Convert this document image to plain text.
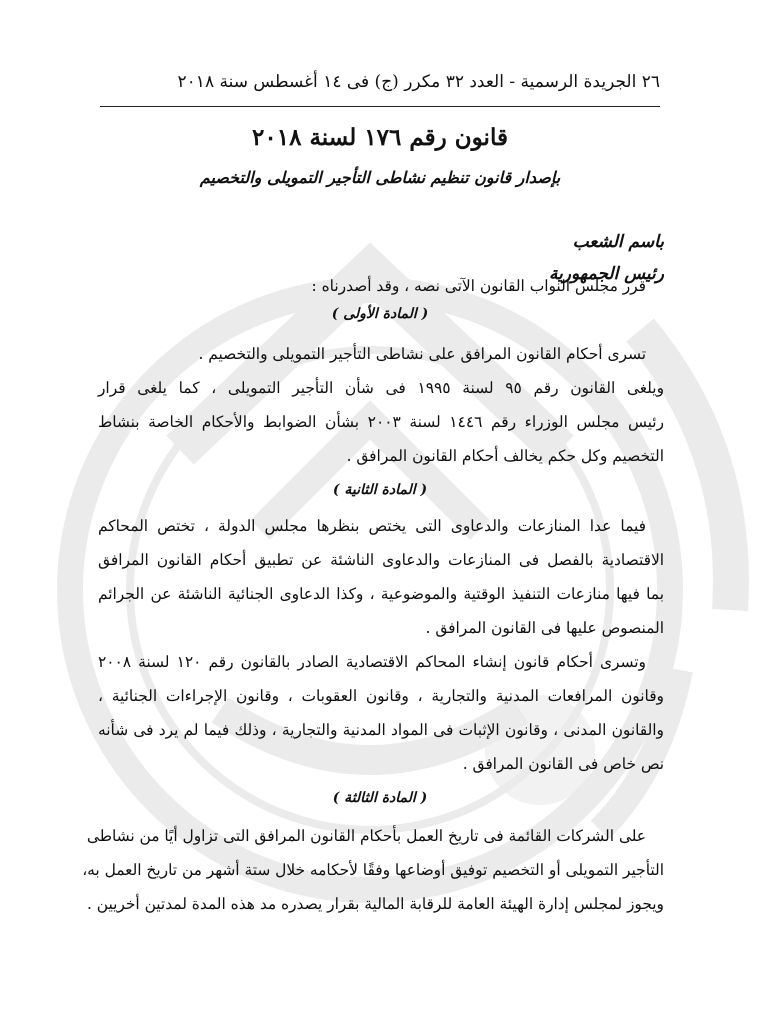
٢٦ الجريدة الرسمية - العدد ٣٢ مكرر (ج) فى ١٤ أغسطس سنة ٢٠١٨
قانون رقم ١٧٦ لسنة ٢٠١٨
بإصدار قانون تنظيم نشاطى التأجير التمويلى والتخصيم
باسم الشعب
رئيس الجمهورية
قرر مجلس النواب القانون الآتى نصه ، وقد أصدرناه :
( المادة الأولى )
تسرى أحكام القانون المرافق على نشاطى التأجير التمويلى والتخصيم .
ويلغى القانون رقم ٩٥ لسنة ١٩٩٥ فى شأن التأجير التمويلى ، كما يلغى قرار
رئيس مجلس الوزراء رقم ١٤٤٦ لسنة ٢٠٠٣ بشأن الضوابط والأحكام الخاصة بنشاط
التخصيم وكل حكم يخالف أحكام القانون المرافق .
( المادة الثانية )
فيما عدا المنازعات والدعاوى التى يختص بنظرها مجلس الدولة ، تختص المحاكم
الاقتصادية بالفصل فى المنازعات والدعاوى الناشئة عن تطبيق أحكام القانون المرافق
بما فيها منازعات التنفيذ الوقتية والموضوعية ، وكذا الدعاوى الجنائية الناشئة عن الجرائم
المنصوص عليها فى القانون المرافق .
وتسرى أحكام قانون إنشاء المحاكم الاقتصادية الصادر بالقانون رقم ١٢٠ لسنة ٢٠٠٨
وقانون المرافعات المدنية والتجارية ، وقانون العقوبات ، وقانون الإجراءات الجنائية ،
والقانون المدنى ، وقانون الإثبات فى المواد المدنية والتجارية ، وذلك فيما لم يرد فى شأنه
نص خاص فى القانون المرافق .
( المادة الثالثة )
على الشركات القائمة فى تاريخ العمل بأحكام القانون المرافق التى تزاول أيًا من نشاطى
التأجير التمويلى أو التخصيم توفيق أوضاعها وفقًا لأحكامه خلال ستة أشهر من تاريخ العمل به،
ويجوز لمجلس إدارة الهيئة العامة للرقابة المالية بقرار يصدره مد هذه المدة لمدتين أخريين .
